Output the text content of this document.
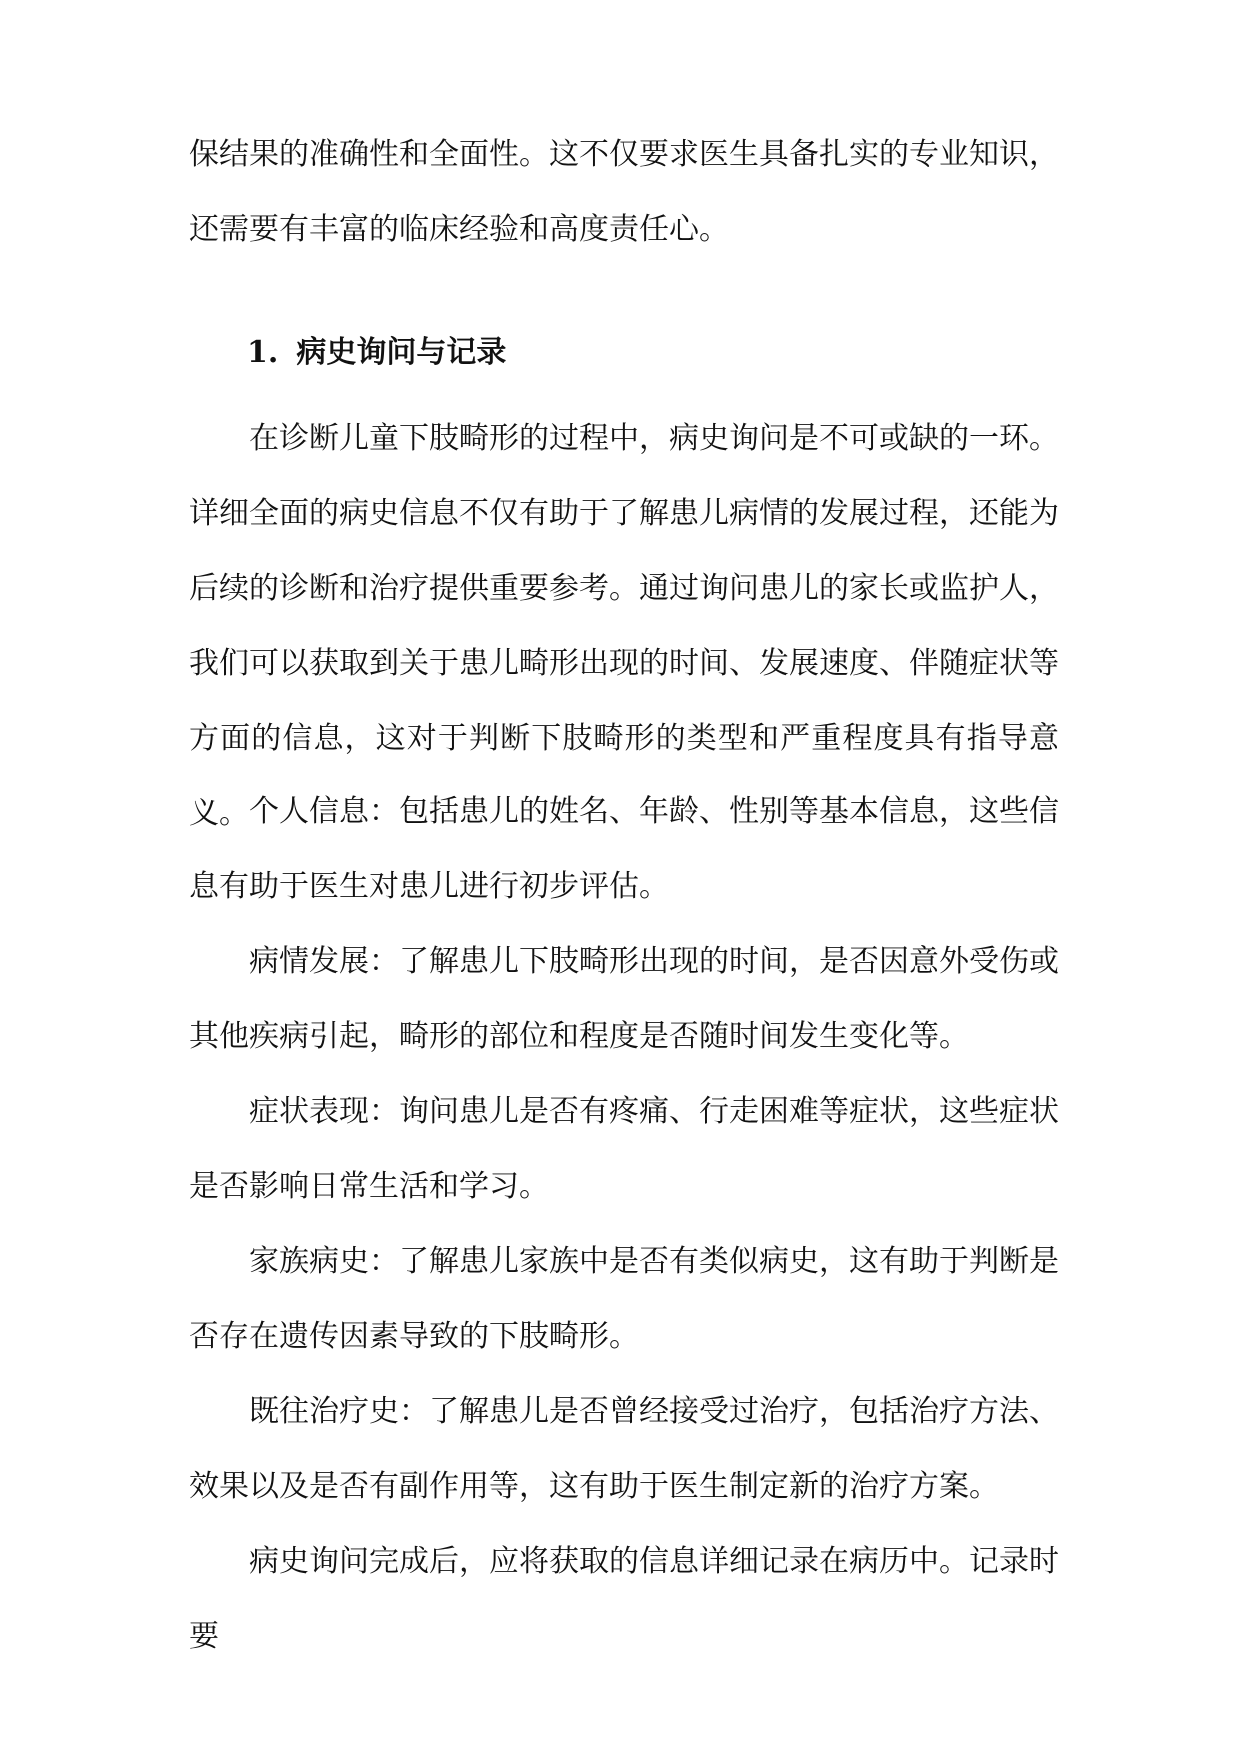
保结果的准确性和全面性。这不仅要求医生具备扎实的专业知识，还需要有丰富的临床经验和高度责任心。

1. 病史询问与记录

在诊断儿童下肢畸形的过程中，病史询问是不可或缺的一环。详细全面的病史信息不仅有助于了解患儿病情的发展过程，还能为后续的诊断和治疗提供重要参考。通过询问患儿的家长或监护人，我们可以获取到关于患儿畸形出现的时间、发展速度、伴随症状等方面的信息，这对于判断下肢畸形的类型和严重程度具有指导意义。 个人信息：包括患儿的姓名、年龄、性别等基本信息，这些信息有助于医生对患儿进行初步评估。

病情发展：了解患儿下肢畸形出现的时间，是否因意外受伤或其他疾病引起，畸形的部位和程度是否随时间发生变化等。

症状表现：询问患儿是否有疼痛、行走困难等症状，这些症状是否影响日常生活和学习。

家族病史：了解患儿家族中是否有类似病史，这有助于判断是否存在遗传因素导致的下肢畸形。

既往治疗史：了解患儿是否曾经接受过治疗，包括治疗方法、效果以及是否有副作用等，这有助于医生制定新的治疗方案。

病史询问完成后，应将获取的信息详细记录在病历中。记录时要
